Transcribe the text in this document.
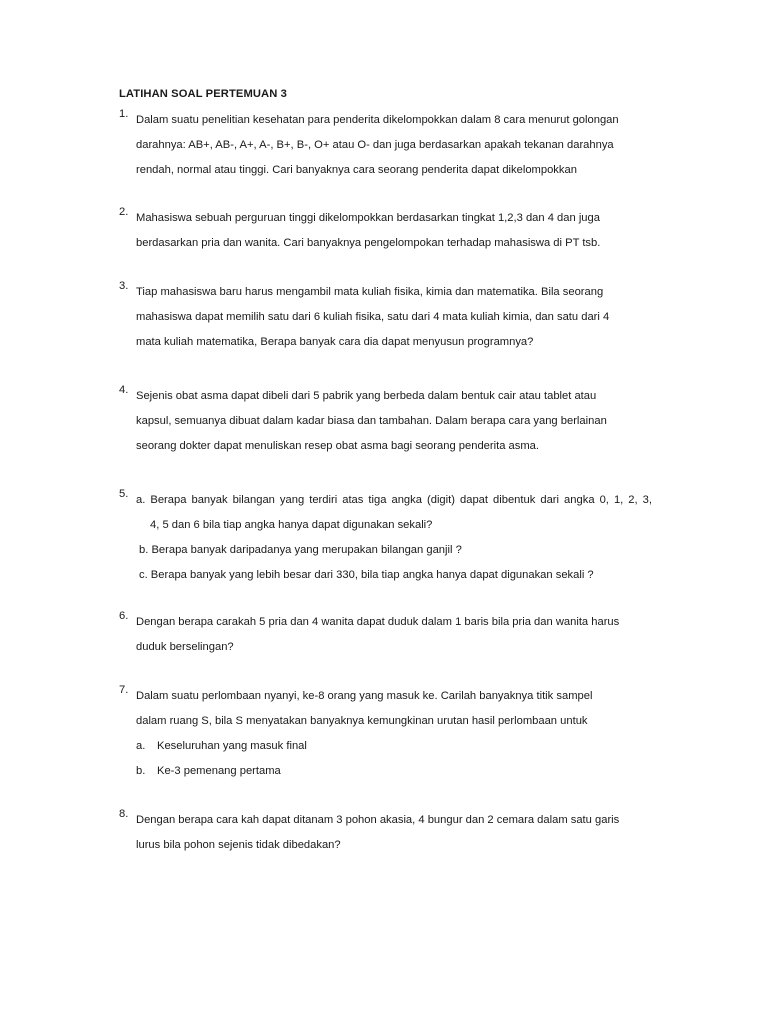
LATIHAN SOAL PERTEMUAN 3
1. Dalam suatu penelitian kesehatan para penderita dikelompokkan dalam 8 cara menurut golongan
darahnya: AB+, AB-, A+, A-, B+, B-, O+ atau O- dan juga berdasarkan apakah tekanan darahnya
rendah, normal atau tinggi. Cari banyaknya cara seorang penderita dapat dikelompokkan
2. Mahasiswa sebuah perguruan tinggi dikelompokkan berdasarkan tingkat 1,2,3 dan 4 dan juga
berdasarkan pria dan wanita. Cari banyaknya pengelompokan terhadap mahasiswa di PT tsb.
3. Tiap mahasiswa baru harus mengambil mata kuliah fisika, kimia dan matematika. Bila seorang
mahasiswa dapat memilih satu dari 6 kuliah fisika, satu dari 4 mata kuliah kimia, dan satu dari 4
mata kuliah matematika, Berapa banyak cara dia dapat menyusun programnya?
4. Sejenis obat asma dapat dibeli dari 5 pabrik yang berbeda dalam bentuk cair atau tablet atau
kapsul, semuanya dibuat dalam kadar biasa dan tambahan. Dalam berapa cara yang berlainan
seorang dokter dapat menuliskan resep obat asma bagi seorang penderita asma.
5. a. Berapa banyak bilangan yang terdiri atas tiga angka (digit) dapat dibentuk dari angka 0, 1, 2, 3,
4, 5 dan 6 bila tiap angka hanya dapat digunakan sekali?
b. Berapa banyak daripadanya yang merupakan bilangan ganjil ?
c. Berapa banyak yang lebih besar dari 330, bila tiap angka hanya dapat digunakan sekali ?
6. Dengan berapa carakah 5 pria dan 4 wanita dapat duduk dalam 1 baris bila pria dan wanita harus
duduk berselingan?
7. Dalam suatu perlombaan nyanyi, ke-8 orang yang masuk ke. Carilah banyaknya titik sampel
dalam ruang S, bila S menyatakan banyaknya kemungkinan urutan hasil perlombaan untuk
a. Keseluruhan yang masuk final
b. Ke-3 pemenang pertama
8. Dengan berapa cara kah dapat ditanam 3 pohon akasia, 4 bungur dan 2 cemara dalam satu garis
lurus bila pohon sejenis tidak dibedakan?
